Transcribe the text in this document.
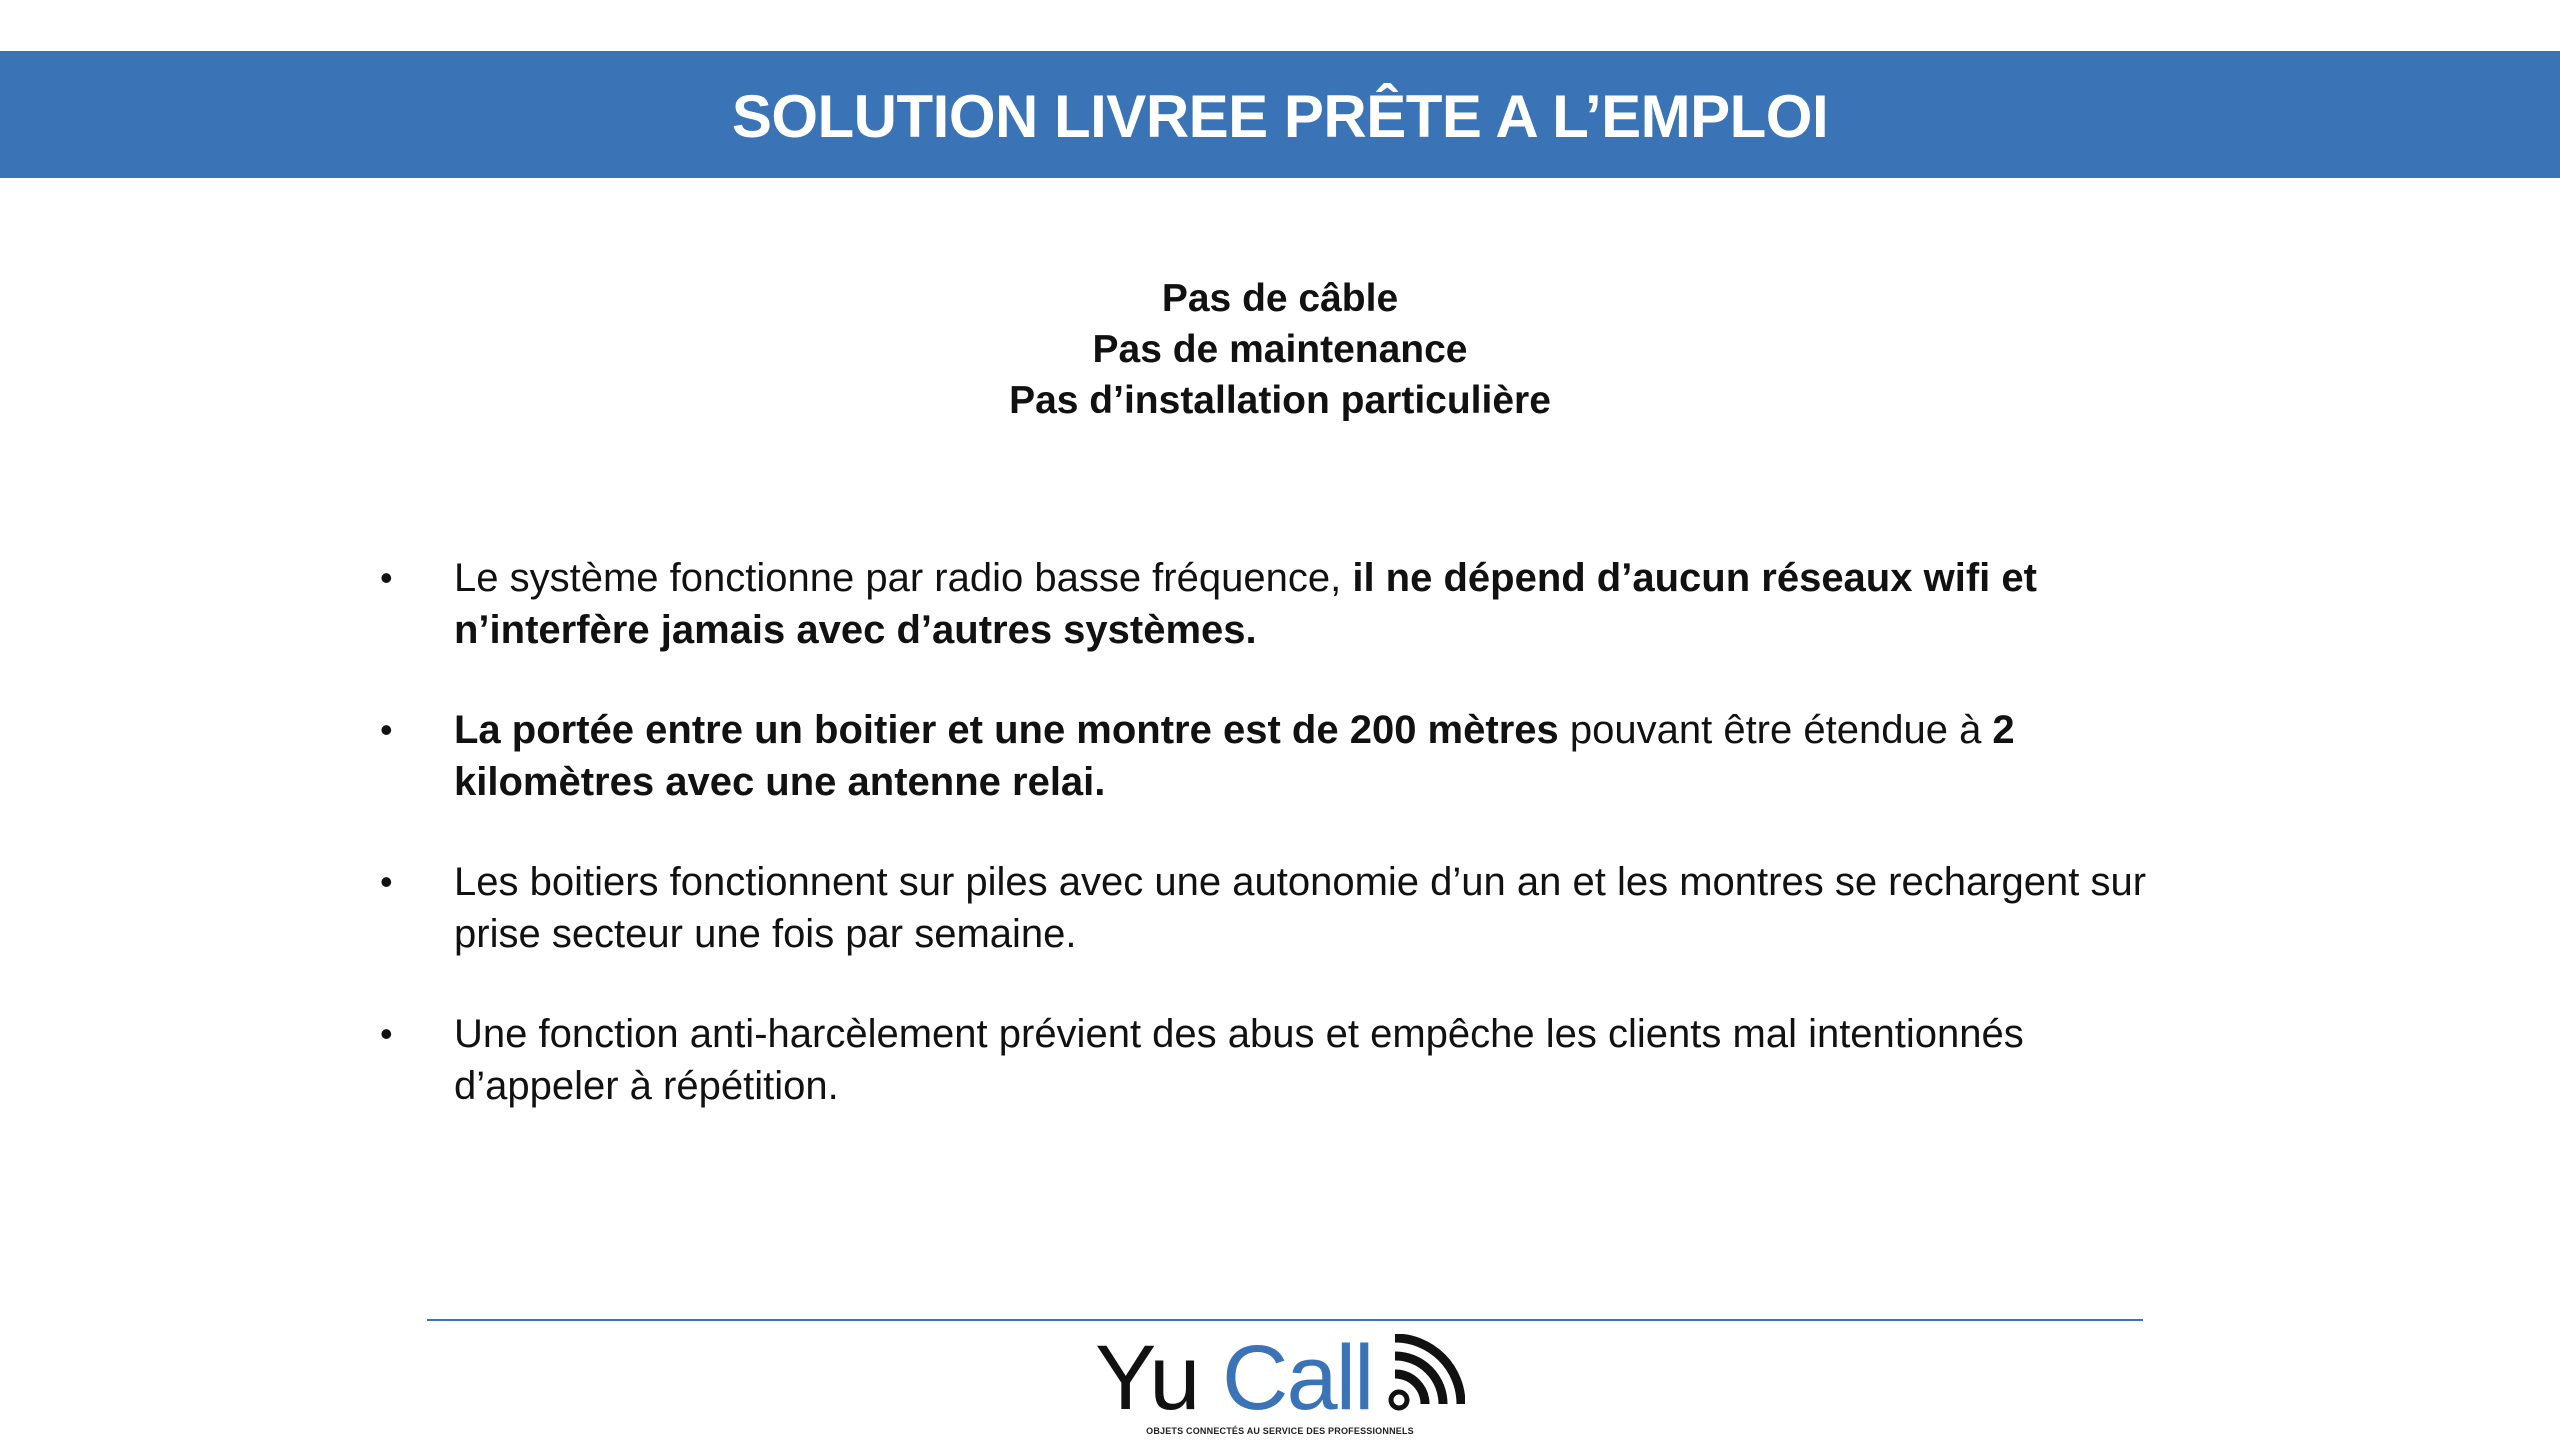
SOLUTION LIVREE PRÊTE A L’EMPLOI
Pas de câble
Pas de maintenance
Pas d’installation particulière
• Le système fonctionne par radio basse fréquence, il ne dépend d’aucun réseaux wifi et n’interfère jamais avec d’autres systèmes.
• La portée entre un boitier et une montre est de 200 mètres pouvant être étendue à 2 kilomètres avec une antenne relai.
• Les boitiers fonctionnent sur piles avec une autonomie d’un an et les montres se rechargent sur prise secteur une fois par semaine.
• Une fonction anti-harcèlement prévient des abus et empêche les clients mal intentionnés d’appeler à répétition.
Yu Call
OBJETS CONNECTÉS AU SERVICE DES PROFESSIONNELS
